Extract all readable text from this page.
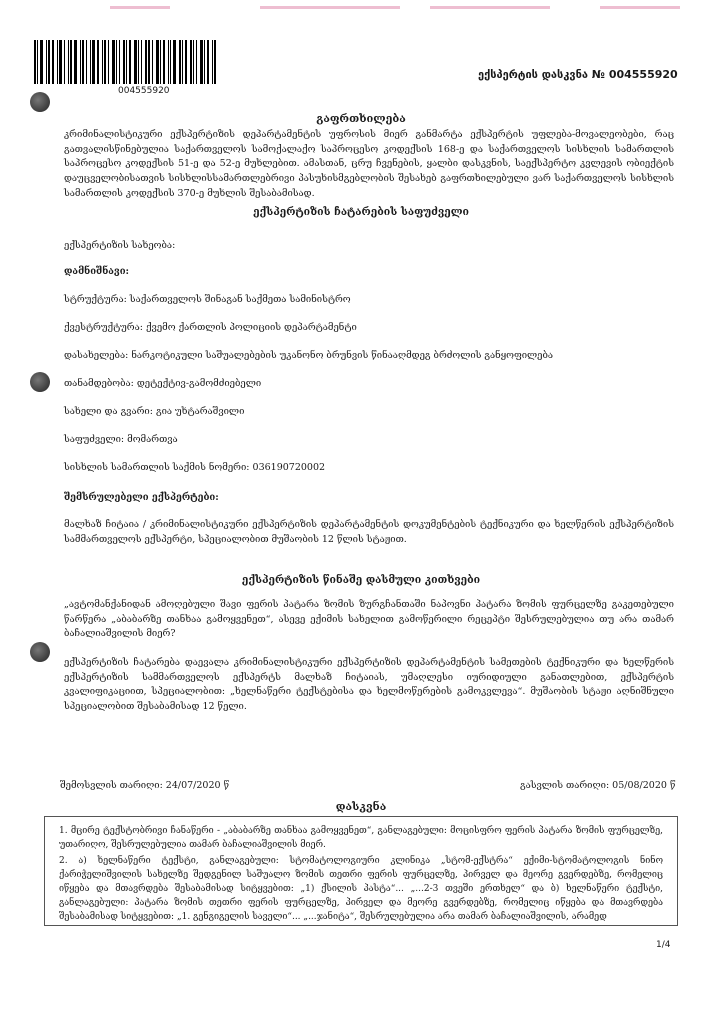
004555920
ექსპერტის დასკვნა № 004555920
გაფრთხილება
კრიმინალისტიკური ექსპერტიზის დეპარტამენტის უფროსის მიერ განმარტა ექსპერტის უფლება-მოვალეობები, რაც გათვალისწინებულია საქართველოს სამოქალაქო საპროცესო კოდექსის 168-ე და საქართველოს სისხლის სამართლის საპროცესო კოდექსის 51-ე და 52-ე მუხლებით. ამასთან, ცრუ ჩვენების, ყალბი დასკვნის, საექსპერტო კვლევის ობიექტის დაუცველობისათვის სისხლისსამართლებრივი პასუხისმგებლობის შესახებ გაფრთხილებული ვარ საქართველოს სისხლის სამართლის კოდექსის 370-ე მუხლის შესაბამისად.
ექსპერტიზის ჩატარების საფუძველი
ექსპერტიზის სახეობა:
დამნიშნავი:
სტრუქტურა: საქართველოს შინაგან საქმეთა სამინისტრო
ქვესტრუქტურა: ქვემო ქართლის პოლიციის დეპარტამენტი
დასახელება: ნარკოტიკული საშუალებების უკანონო ბრუნვის წინააღმდეგ ბრძოლის განყოფილება
თანამდებობა: დეტექტივ-გამომძიებელი
სახელი და გვარი: გია უხტარაშვილი
საფუძველი: მომართვა
სისხლის სამართლის საქმის ნომერი: 036190720002
შემსრულებელი ექსპერტები:
მალხაზ ჩიტაია / კრიმინალისტიკური ექსპერტიზის დეპარტამენტის დოკუმენტების ტექნიკური და ხელწერის ექსპერტიზის სამმართველოს ექსპერტი, სპეციალობით მუშაობის 12 წლის სტაჟით.
ექსპერტიზის წინაშე დასმული კითხვები
„ავტომანქანიდან ამოღებული შავი ფერის პატარა ზომის ზურგჩანთაში ნაპოვნი პატარა ზომის ფურცელზე გაკეთებული წარწერა „აბაბარზე თანხაა გამოყვენეთ“, ასევე ექიმის სახელით გამოწერილი რეცეპტი შესრულებულია თუ არა თამარ ბაჩალიაშვილის მიერ?
ექსპერტიზის ჩატარება დაევალა კრიმინალისტიკური ექსპერტიზის დეპარტამენტის სამეთების ტექნიკური და ხელწერის ექსპერტიზის სამმართველოს ექსპერტს მალხაზ ჩიტაიას, უმაღლესი იურიდიული განათლებით, ექსპერტის კვალიფიკაციით, სპეციალობით: „ხელნაწერი ტექსტებისა და ხელმოწერების გამოკვლევა“. მუშაობის სტაჟი აღნიშნული სპეციალობით შესაბამისად 12 წელი.
შემოსვლის თარიღი: 24/07/2020 წ	გასვლის თარიღი: 05/08/2020 წ
დასკვნა
1. მცირე ტექსტობრივი ჩანაწერი - „აბაბარზე თანხაა გამოყვენეთ“, განლაგებული: მოცისფრო ფერის პატარა ზომის ფურცელზე, უთარიღო, შესრულებულია თამარ ბაჩალიაშვილის მიერ.
2. ა) ხელნაწერი ტექსტი, განლაგებული: სტომატოლოგიური კლინიკა „სტომ-ექსტრა“ ექიმი-სტომატოლოგის ნინო ქარიჭელიშვილის სახელზე შედგენილ საშუალო ზომის თეთრი ფერის ფურცელზე, პირველ და მეორე გვერდებზე, რომელიც იწყება და მთავრდება შესაბამისად სიტყვებით: „1) ქსილის პასტა“... „...2-3 თვეში ერთხელ“ და ბ) ხელნაწერი ტექსტი, განლაგებული: პატარა ზომის თეთრი ფერის ფურცელზე, პირველ და მეორე გვერდებზე, რომელიც იწყება და მთავრდება შესაბამისად სიტყვებით: „1. გენგიგელის საველი“... „...ჯანიტა“, შესრულებულია არა თამარ ბაჩალიაშვილის, არამედ
1/4
